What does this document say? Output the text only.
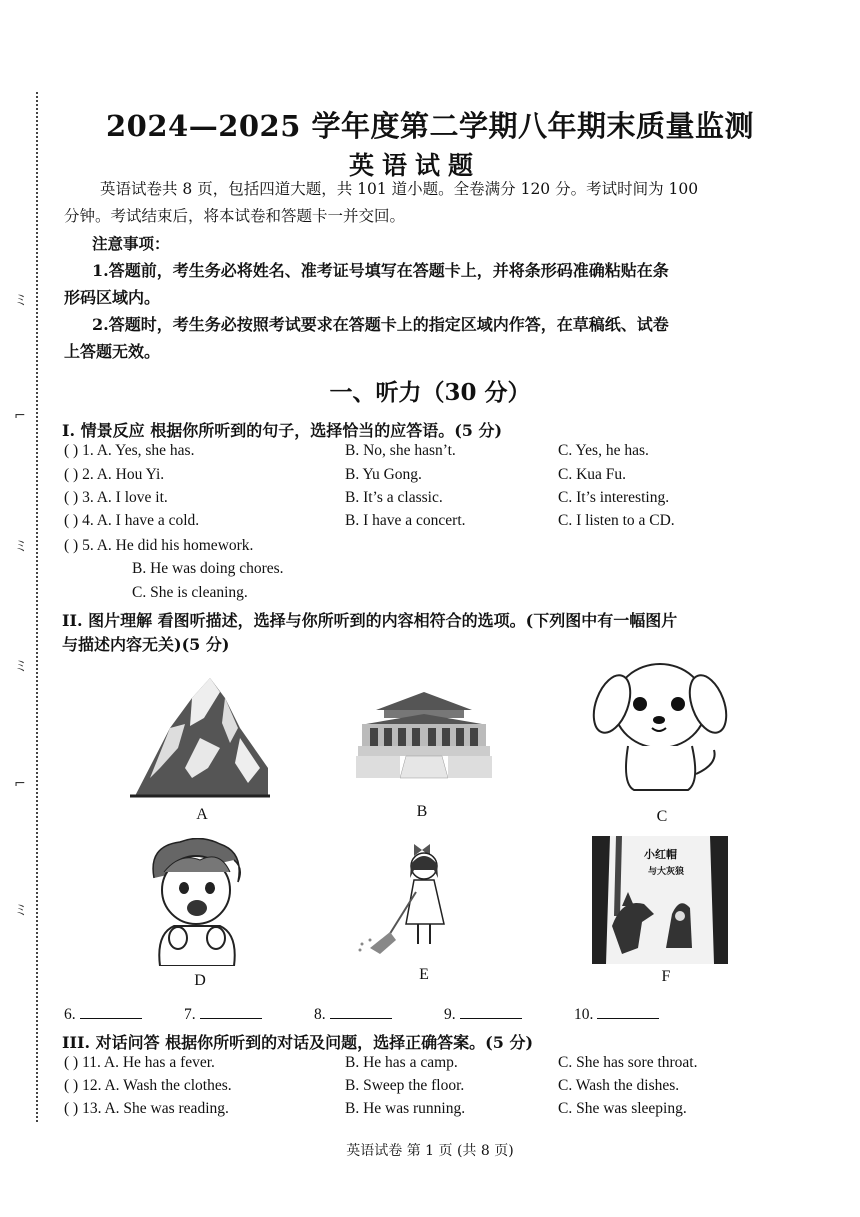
ミ
⌐
ミ
ミ
⌐
ミ
2024—2025 学年度第二学期八年期末质量监测
英语试题
英语试卷共 8 页，包括四道大题，共 101 道小题。全卷满分 120 分。考试时间为 100
分钟。考试结束后，将本试卷和答题卡一并交回。
注意事项：
1.答题前，考生务必将姓名、准考证号填写在答题卡上，并将条形码准确粘贴在条
形码区域内。
2.答题时，考生务必按照考试要求在答题卡上的指定区域内作答，在草稿纸、试卷
上答题无效。
一、听力（30 分）
I. 情景反应 根据你所听到的句子，选择恰当的应答语。(5 分)
( ) 1. A. Yes, she has.	B. No, she hasn’t.	C. Yes, he has.
( ) 2. A. Hou Yi.	B. Yu Gong.	C. Kua Fu.
( ) 3. A. I love it.	B. It’s a classic.	C. It’s interesting.
( ) 4. A. I have a cold.	B. I have a concert.	C. I listen to a CD.
( ) 5. A. He did his homework.
B. He was doing chores.
C. She is cleaning.
II. 图片理解 看图听描述，选择与你所听到的内容相符合的选项。(下列图中有一幅图片
与描述内容无关)(5 分)
A	B	C
D	E
小红帽
与大灰狼
F
6.	7.	8.	9.	10.
III. 对话问答 根据你所听到的对话及问题，选择正确答案。(5 分)
( ) 11. A. He has a fever.	B. He has a camp.	C. She has sore throat.
( ) 12. A. Wash the clothes.	B. Sweep the floor.	C. Wash the dishes.
( ) 13. A. She was reading.	B. He was running.	C. She was sleeping.
英语试卷 第 1 页 (共 8 页)
